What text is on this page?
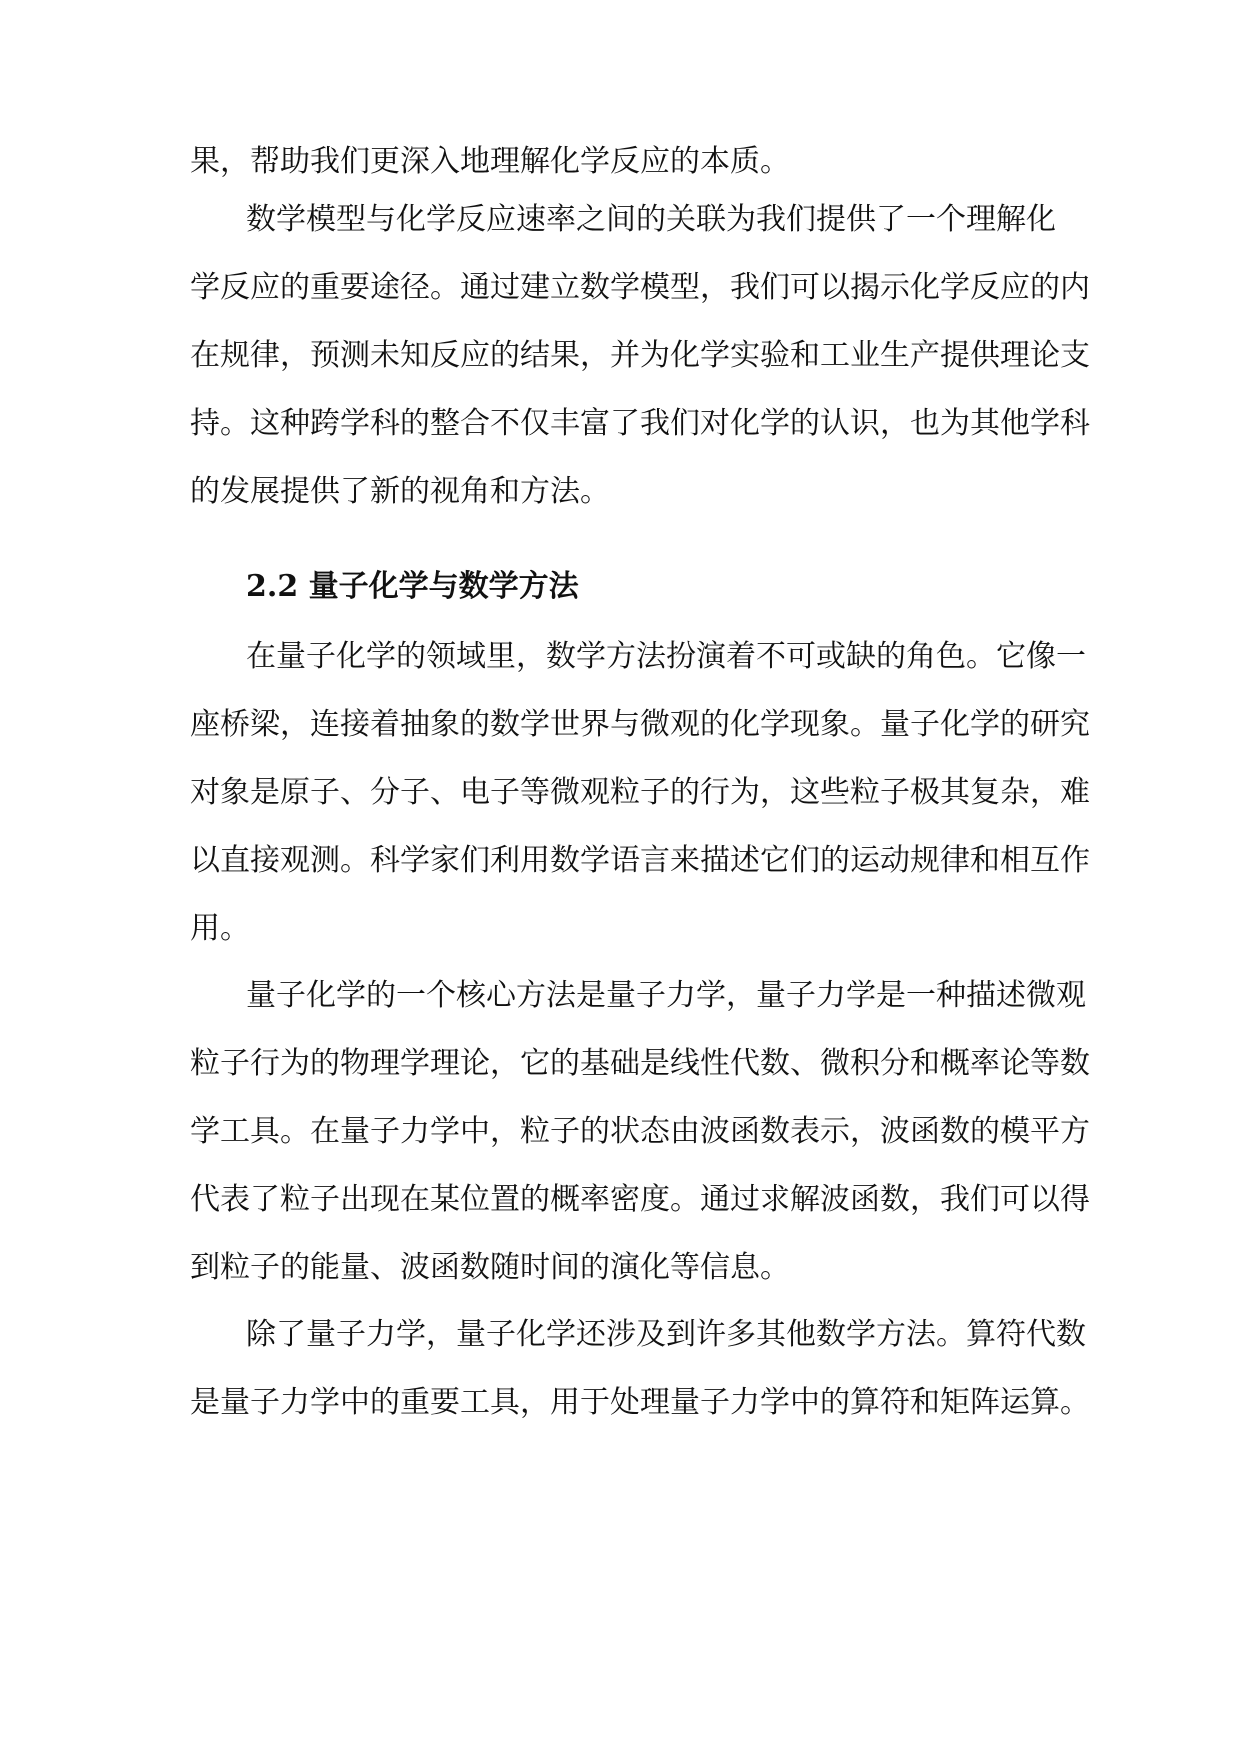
果，帮助我们更深入地理解化学反应的本质。
数学模型与化学反应速率之间的关联为我们提供了一个理解化
学反应的重要途径。通过建立数学模型，我们可以揭示化学反应的内
在规律，预测未知反应的结果，并为化学实验和工业生产提供理论支
持。这种跨学科的整合不仅丰富了我们对化学的认识，也为其他学科
的发展提供了新的视角和方法。
2.2 量子化学与数学方法
在量子化学的领域里，数学方法扮演着不可或缺的角色。它像一
座桥梁，连接着抽象的数学世界与微观的化学现象。量子化学的研究
对象是原子、分子、电子等微观粒子的行为，这些粒子极其复杂，难
以直接观测。科学家们利用数学语言来描述它们的运动规律和相互作
用。
量子化学的一个核心方法是量子力学，量子力学是一种描述微观
粒子行为的物理学理论，它的基础是线性代数、微积分和概率论等数
学工具。在量子力学中，粒子的状态由波函数表示，波函数的模平方
代表了粒子出现在某位置的概率密度。通过求解波函数，我们可以得
到粒子的能量、波函数随时间的演化等信息。
除了量子力学，量子化学还涉及到许多其他数学方法。算符代数
是量子力学中的重要工具，用于处理量子力学中的算符和矩阵运算。
